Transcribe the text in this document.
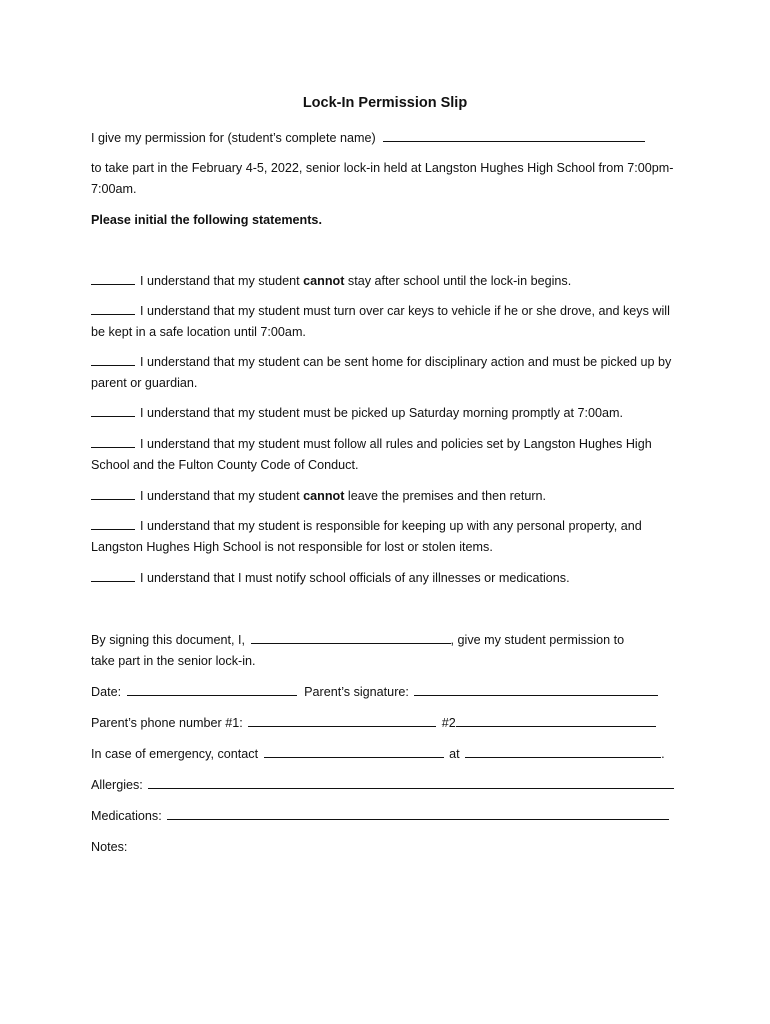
Lock-In Permission Slip
I give my permission for (student’s complete name)
to take part in the February 4-5, 2022, senior lock-in held at Langston Hughes High School from 7:00pm-7:00am.
Please initial the following statements.
I understand that my student cannot stay after school until the lock-in begins.
I understand that my student must turn over car keys to vehicle if he or she drove, and keys will be kept in a safe location until 7:00am.
I understand that my student can be sent home for disciplinary action and must be picked up by parent or guardian.
I understand that my student must be picked up Saturday morning promptly at 7:00am.
I understand that my student must follow all rules and policies set by Langston Hughes High School and the Fulton County Code of Conduct.
I understand that my student cannot leave the premises and then return.
I understand that my student is responsible for keeping up with any personal property, and Langston Hughes High School is not responsible for lost or stolen items.
I understand that I must notify school officials of any illnesses or medications.
By signing this document, I,	, give my student permission to
take part in the senior lock-in.
Date:	Parent’s signature:
Parent’s phone number #1:	#2
In case of emergency, contact	at	.
Allergies:
Medications:
Notes:
